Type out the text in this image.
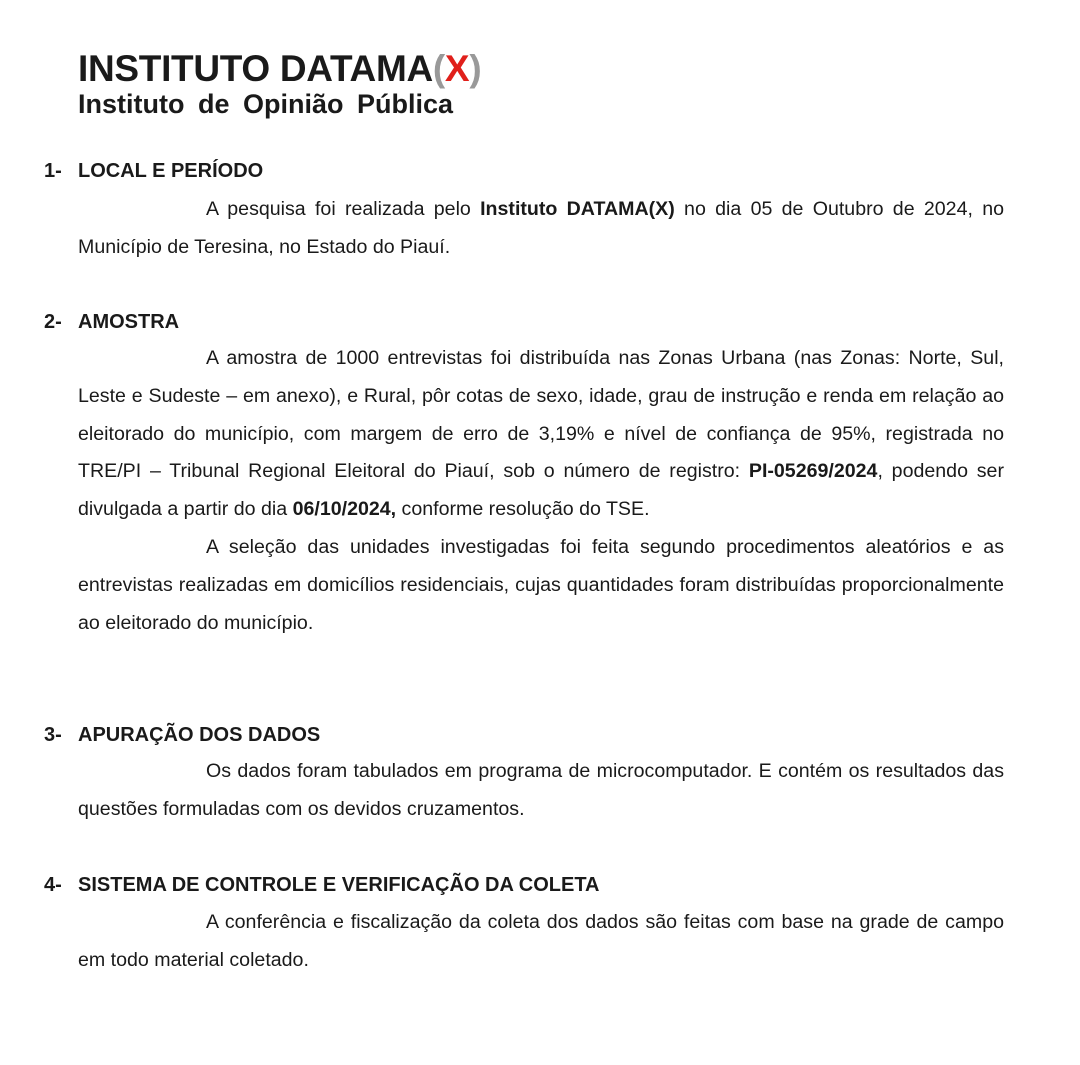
INSTITUTO DATAMA(X)
Instituto de Opinião Pública
1- LOCAL E PERÍODO

A pesquisa foi realizada pelo Instituto DATAMA(X) no dia 05 de Outubro de 2024, no Município de Teresina, no Estado do Piauí.

2- AMOSTRA

A amostra de 1000 entrevistas foi distribuída nas Zonas Urbana (nas Zonas: Norte, Sul, Leste e Sudeste – em anexo), e Rural, pôr cotas de sexo, idade, grau de instrução e renda em relação ao eleitorado do município, com margem de erro de 3,19% e nível de confiança de 95%, registrada no TRE/PI – Tribunal Regional Eleitoral do Piauí, sob o número de registro: PI-05269/2024, podendo ser divulgada a partir do dia 06/10/2024, conforme resolução do TSE.

A seleção das unidades investigadas foi feita segundo procedimentos aleatórios e as entrevistas realizadas em domicílios residenciais, cujas quantidades foram distribuídas proporcionalmente ao eleitorado do município.

3- APURAÇÃO DOS DADOS

Os dados foram tabulados em programa de microcomputador. E contém os resultados das questões formuladas com os devidos cruzamentos.

4- SISTEMA DE CONTROLE E VERIFICAÇÃO DA COLETA

A conferência e fiscalização da coleta dos dados são feitas com base na grade de campo em todo material coletado.
